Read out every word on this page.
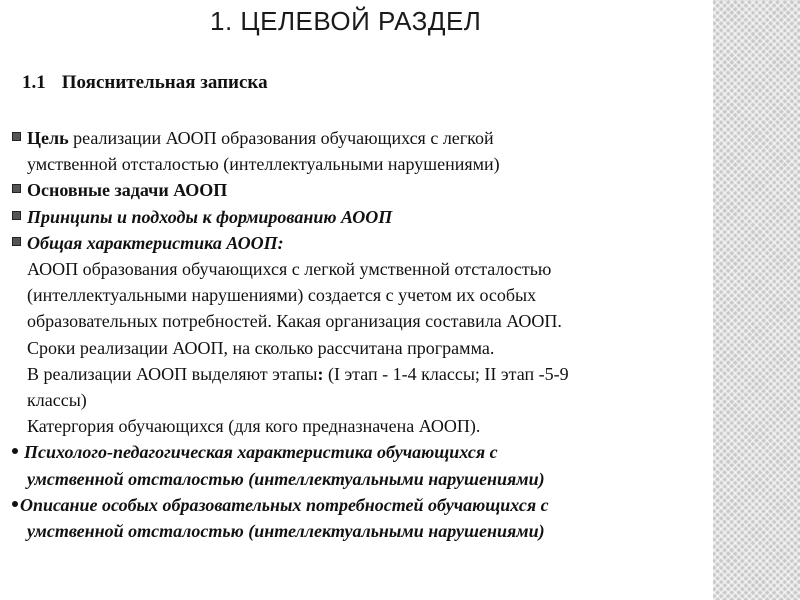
1. ЦЕЛЕВОЙ РАЗДЕЛ
1.1 Пояснительная записка
Цель реализации АООП образования обучающихся с легкой
умственной отсталостью (интеллектуальными нарушениями)
Основные задачи АООП
Принципы и подходы к формированию АООП
Общая характеристика АООП:
АООП образования обучающихся с легкой умственной отсталостью
(интеллектуальными нарушениями) создается с учетом их особых
образовательных потребностей. Какая организация составила АООП.
Сроки реализации АООП, на сколько рассчитана программа.
В реализации АООП выделяют этапы: (I этап - 1-4 классы; II этап -5-9
классы)
Катергория обучающихся (для кого предназначена АООП).
Психолого-педагогическая характеристика обучающихся с
умственной отсталостью (интеллектуальными нарушениями)
Описание особых образовательных потребностей обучающихся с
умственной отсталостью (интеллектуальными нарушениями)
